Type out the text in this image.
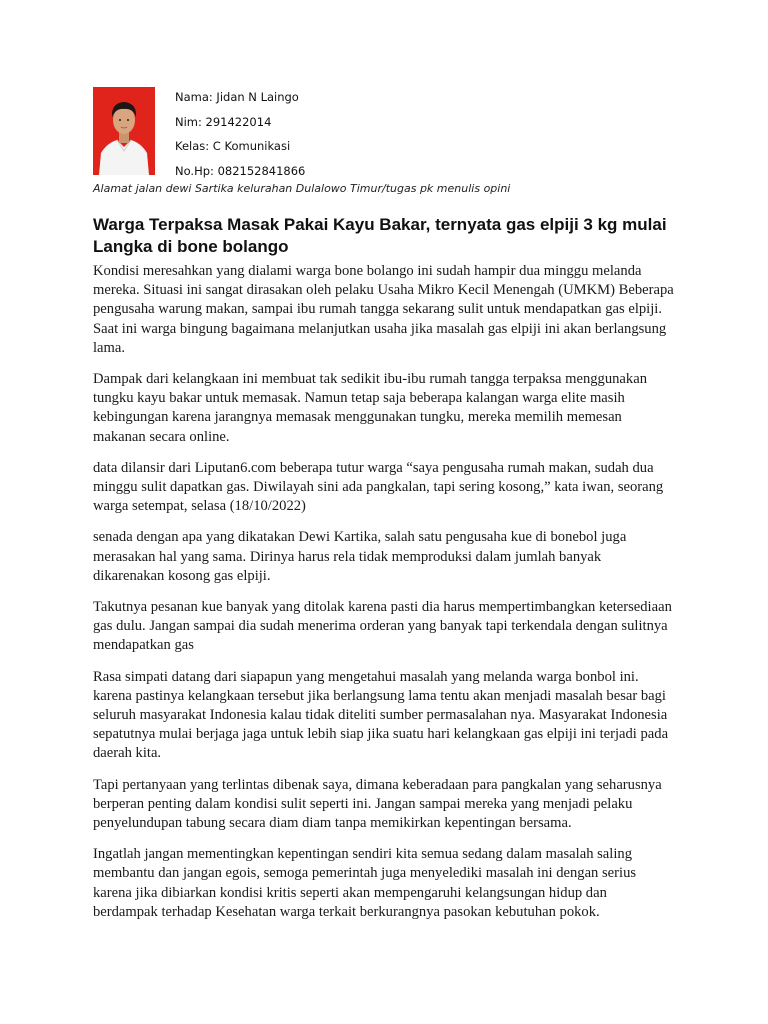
Nama: Jidan N Laingo
Nim: 291422014
Kelas: C Komunikasi
No.Hp: 082152841866
Alamat jalan dewi Sartika kelurahan Dulalowo Timur/tugas pk menulis opini
Warga Terpaksa Masak Pakai Kayu Bakar, ternyata gas elpiji 3 kg mulai Langka di bone bolango

Kondisi meresahkan yang dialami warga bone bolango ini sudah hampir dua minggu melanda mereka. Situasi ini sangat dirasakan oleh pelaku Usaha Mikro Kecil Menengah (UMKM) Beberapa pengusaha warung makan, sampai ibu rumah tangga sekarang sulit untuk mendapatkan gas elpiji. Saat ini warga bingung bagaimana melanjutkan usaha jika masalah gas elpiji ini akan berlangsung lama.

Dampak dari kelangkaan ini membuat tak sedikit ibu-ibu rumah tangga terpaksa menggunakan tungku kayu bakar untuk memasak. Namun tetap saja beberapa kalangan warga elite masih kebingungan karena jarangnya memasak menggunakan tungku, mereka memilih memesan makanan secara online.

data dilansir dari Liputan6.com beberapa tutur warga “saya pengusaha rumah makan, sudah dua minggu sulit dapatkan gas. Diwilayah sini ada pangkalan, tapi sering kosong,” kata iwan, seorang warga setempat, selasa (18/10/2022)

senada dengan apa yang dikatakan Dewi Kartika, salah satu pengusaha kue di bonebol juga merasakan hal yang sama. Dirinya harus rela tidak memproduksi dalam jumlah banyak dikarenakan kosong gas elpiji.

Takutnya pesanan kue banyak yang ditolak karena pasti dia harus mempertimbangkan ketersediaan gas dulu. Jangan sampai dia sudah menerima orderan yang banyak tapi terkendala dengan sulitnya mendapatkan gas

Rasa simpati datang dari siapapun yang mengetahui masalah yang melanda warga bonbol ini. karena pastinya kelangkaan tersebut jika berlangsung lama tentu akan menjadi masalah besar bagi seluruh masyarakat Indonesia kalau tidak diteliti sumber permasalahan nya. Masyarakat Indonesia sepatutnya mulai berjaga jaga untuk lebih siap jika suatu hari kelangkaan gas elpiji ini terjadi pada daerah kita.

Tapi pertanyaan yang terlintas dibenak saya, dimana keberadaan para pangkalan yang seharusnya berperan penting dalam kondisi sulit seperti ini. Jangan sampai mereka yang menjadi pelaku penyelundupan tabung secara diam diam tanpa memikirkan kepentingan bersama.

Ingatlah jangan mementingkan kepentingan sendiri kita semua sedang dalam masalah saling membantu dan jangan egois, semoga pemerintah juga menyelediki masalah ini dengan serius karena jika dibiarkan kondisi kritis seperti akan mempengaruhi kelangsungan hidup dan berdampak terhadap Kesehatan warga terkait berkurangnya pasokan kebutuhan pokok.
